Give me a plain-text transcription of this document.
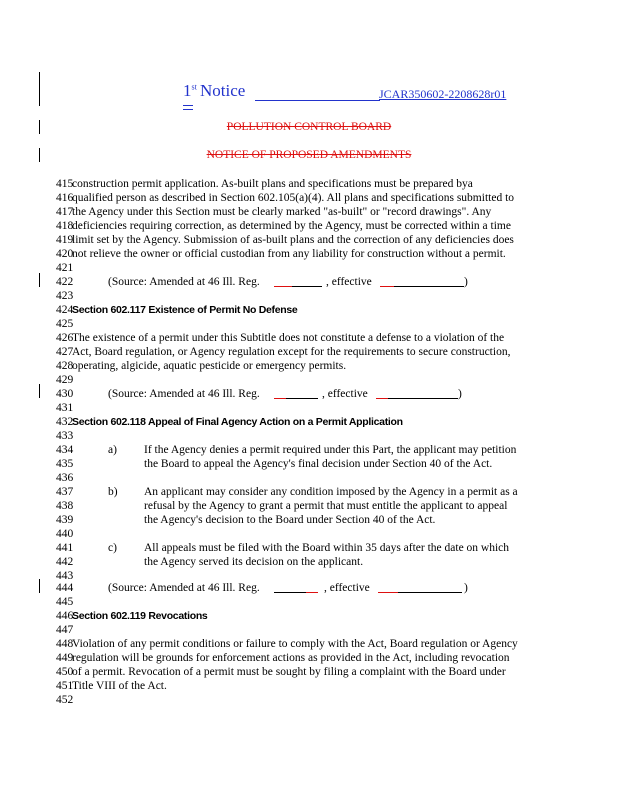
1st Notice	JCAR350602-2208628r01
POLLUTION CONTROL BOARD
NOTICE OF PROPOSED AMENDMENTS
415construction permit application. As-built plans and specifications must be prepared bya
416qualified person as described in Section 602.105(a)(4). All plans and specifications submitted to
417the Agency under this Section must be clearly marked "as-built" or "record drawings". Any
418deficiencies requiring correction, as determined by the Agency, must be corrected within a time
419limit set by the Agency. Submission of as-built plans and the correction of any deficiencies does
420not relieve the owner or official custodian from any liability for construction without a permit.
421
422	(Source: Amended at 46 Ill. Reg.	, effective	)
423
424Section 602.117 Existence of Permit No Defense
425
426The existence of a permit under this Subtitle does not constitute a defense to a violation of the
427Act, Board regulation, or Agency regulation except for the requirements to secure construction,
428operating, algicide, aquatic pesticide or emergency permits.
429
430	(Source: Amended at 46 Ill. Reg.	, effective	)
431
432Section 602.118 Appeal of Final Agency Action on a Permit Application
433
434	a) If the Agency denies a permit required under this Part, the applicant may petition
435	the Board to appeal the Agency's final decision under Section 40 of the Act.
436
437	b) An applicant may consider any condition imposed by the Agency in a permit as a
438	refusal by the Agency to grant a permit that must entitle the applicant to appeal
439	the Agency's decision to the Board under Section 40 of the Act.
440
441	c) All appeals must be filed with the Board within 35 days after the date on which
442	the Agency served its decision on the applicant.
443
444	(Source: Amended at 46 Ill. Reg.	, effective	)
445
446Section 602.119 Revocations
447
448Violation of any permit conditions or failure to comply with the Act, Board regulation or Agency
449regulation will be grounds for enforcement actions as provided in the Act, including revocation
450of a permit. Revocation of a permit must be sought by filing a complaint with the Board under
451Title VIII of the Act.
452
